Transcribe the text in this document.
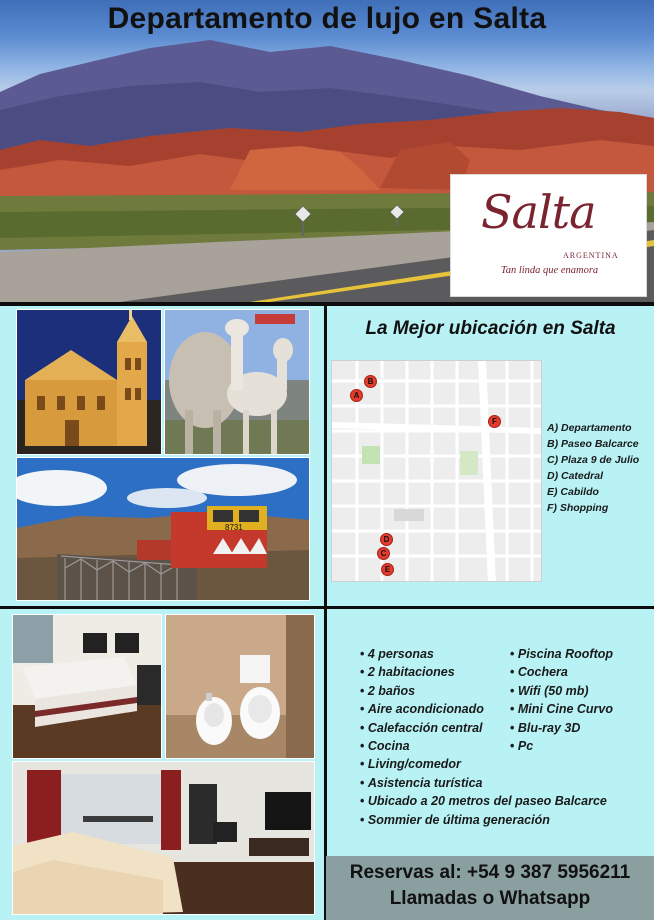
Departamento de lujo en Salta
Salta
ARGENTINA
Tan linda que enamora
8731
La Mejor ubicación en Salta
A
B
C
D
E
F
A) Departamento
B) Paseo Balcarce
C) Plaza 9 de Julio
D) Catedral
E) Cabildo
F) Shopping
• 4 personas
• 2 habitaciones
• 2 baños
• Aire acondicionado
• Calefacción central
• Cocina
• Living/comedor
• Asistencia turística
• Ubicado a 20 metros del paseo Balcarce
• Sommier de última generación
• Piscina Rooftop
• Cochera
• Wifi (50 mb)
• Mini Cine Curvo
• Blu-ray 3D
• Pc
Reservas al: +54 9 387 5956211
Llamadas o Whatsapp
